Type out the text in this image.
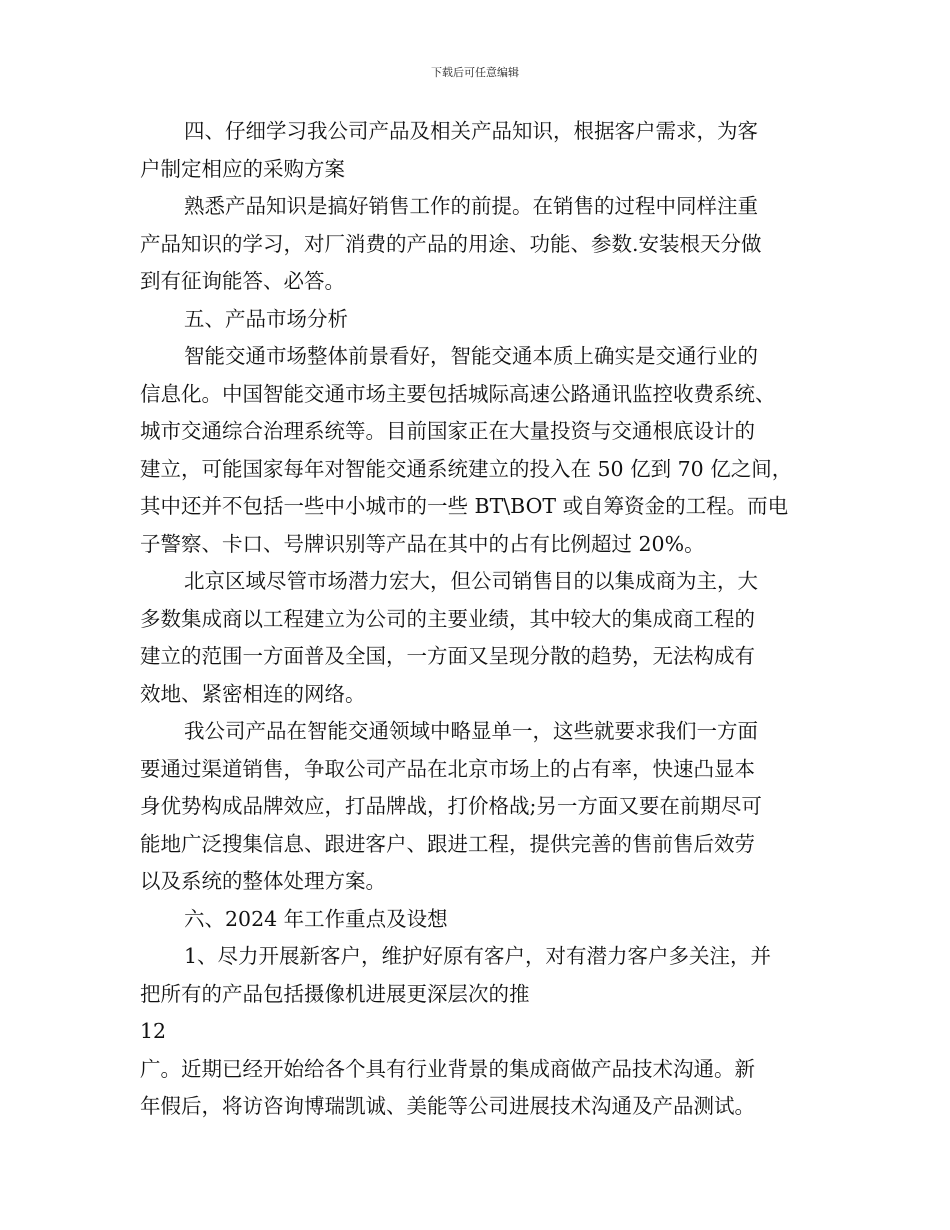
下载后可任意编辑
四、仔细学习我公司产品及相关产品知识，根据客户需求，为客
户制定相应的采购方案
熟悉产品知识是搞好销售工作的前提。在销售的过程中同样注重
产品知识的学习，对厂消费的产品的用途、功能、参数.安装根天分做
到有征询能答、必答。
五、产品市场分析
智能交通市场整体前景看好，智能交通本质上确实是交通行业的
信息化。中国智能交通市场主要包括城际高速公路通讯监控收费系统、
城市交通综合治理系统等。目前国家正在大量投资与交通根底设计的
建立，可能国家每年对智能交通系统建立的投入在 50 亿到 70 亿之间，
其中还并不包括一些中小城市的一些 BT\BOT 或自筹资金的工程。而电
子警察、卡口、号牌识别等产品在其中的占有比例超过 20%。
北京区域尽管市场潜力宏大，但公司销售目的以集成商为主，大
多数集成商以工程建立为公司的主要业绩，其中较大的集成商工程的
建立的范围一方面普及全国，一方面又呈现分散的趋势，无法构成有
效地、紧密相连的网络。
我公司产品在智能交通领域中略显单一，这些就要求我们一方面
要通过渠道销售，争取公司产品在北京市场上的占有率，快速凸显本
身优势构成品牌效应，打品牌战，打价格战;另一方面又要在前期尽可
能地广泛搜集信息、跟进客户、跟进工程，提供完善的售前售后效劳
以及系统的整体处理方案。
六、2024 年工作重点及设想
1、尽力开展新客户，维护好原有客户，对有潜力客户多关注，并
把所有的产品包括摄像机进展更深层次的推
12
广。近期已经开始给各个具有行业背景的集成商做产品技术沟通。新
年假后，将访咨询博瑞凯诚、美能等公司进展技术沟通及产品测试。
